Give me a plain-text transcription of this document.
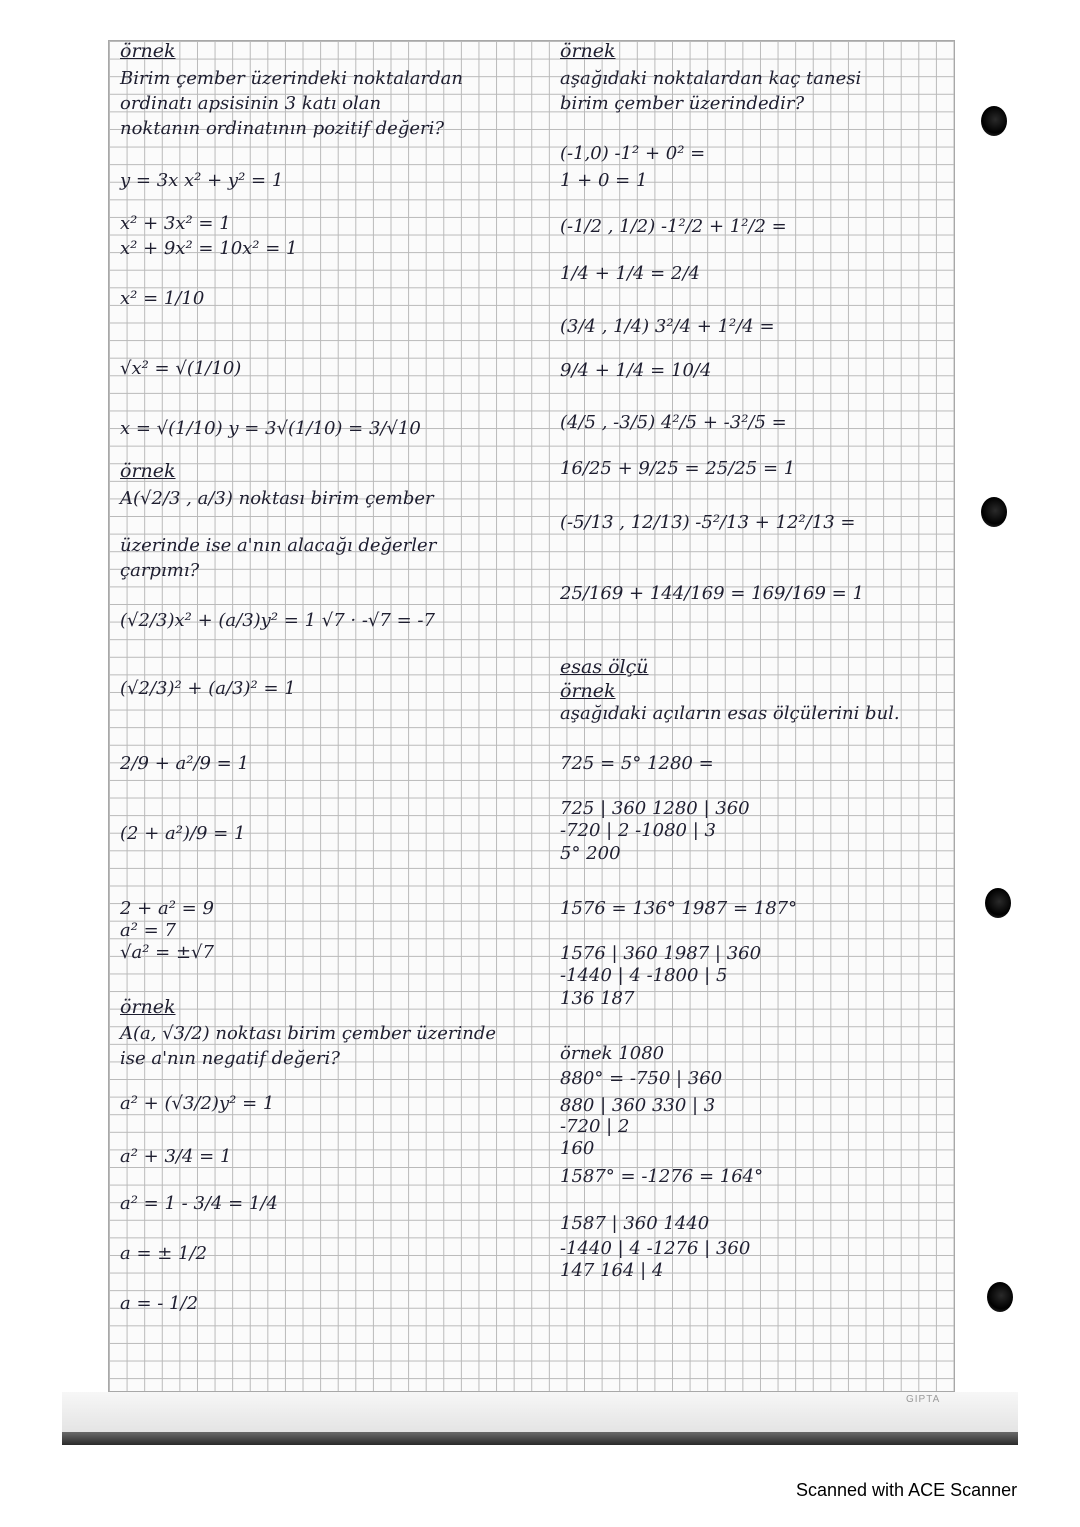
örnek
Birim çember üzerindeki noktalardan
ordinatı apsisinin 3 katı olan
noktanın ordinatının pozitif değeri?
y = 3x x² + y² = 1
x² + 3x² = 1
x² + 9x² = 10x² = 1
x² = 1/10
√x² = √(1/10)
x = √(1/10) y = 3√(1/10) = 3/√10
örnek
A(√2/3 , a/3) noktası birim çember
üzerinde ise a'nın alacağı değerler
çarpımı?
(√2/3)x² + (a/3)y² = 1 √7 · -√7 = -7
(√2/3)² + (a/3)² = 1
2/9 + a²/9 = 1
(2 + a²)/9 = 1
2 + a² = 9
a² = 7
√a² = ±√7
örnek
A(a, √3/2) noktası birim çember üzerinde
ise a'nın negatif değeri?
a² + (√3/2)y² = 1
a² + 3/4 = 1
a² = 1 - 3/4 = 1/4
a = ± 1/2
a = - 1/2
örnek
aşağıdaki noktalardan kaç tanesi
birim çember üzerindedir?
(-1,0) -1² + 0² =
1 + 0 = 1
(-1/2 , 1/2) -1²/2 + 1²/2 =
1/4 + 1/4 = 2/4
(3/4 , 1/4) 3²/4 + 1²/4 =
9/4 + 1/4 = 10/4
(4/5 , -3/5) 4²/5 + -3²/5 =
16/25 + 9/25 = 25/25 = 1
(-5/13 , 12/13) -5²/13 + 12²/13 =
25/169 + 144/169 = 169/169 = 1
esas ölçü
örnek
aşağıdaki açıların esas ölçülerini bul.
725 = 5° 1280 =
725 | 360 1280 | 360
-720 | 2 -1080 | 3
5° 200
1576 = 136° 1987 = 187°
1576 | 360 1987 | 360
-1440 | 4 -1800 | 5
136 187
örnek 1080
880° = -750 | 360
880 | 360 330 | 3
-720 | 2
160
1587° = -1276 = 164°
1587 | 360 1440
-1440 | 4 -1276 | 360
147 164 | 4
GIPTA
Scanned with ACE Scanner
